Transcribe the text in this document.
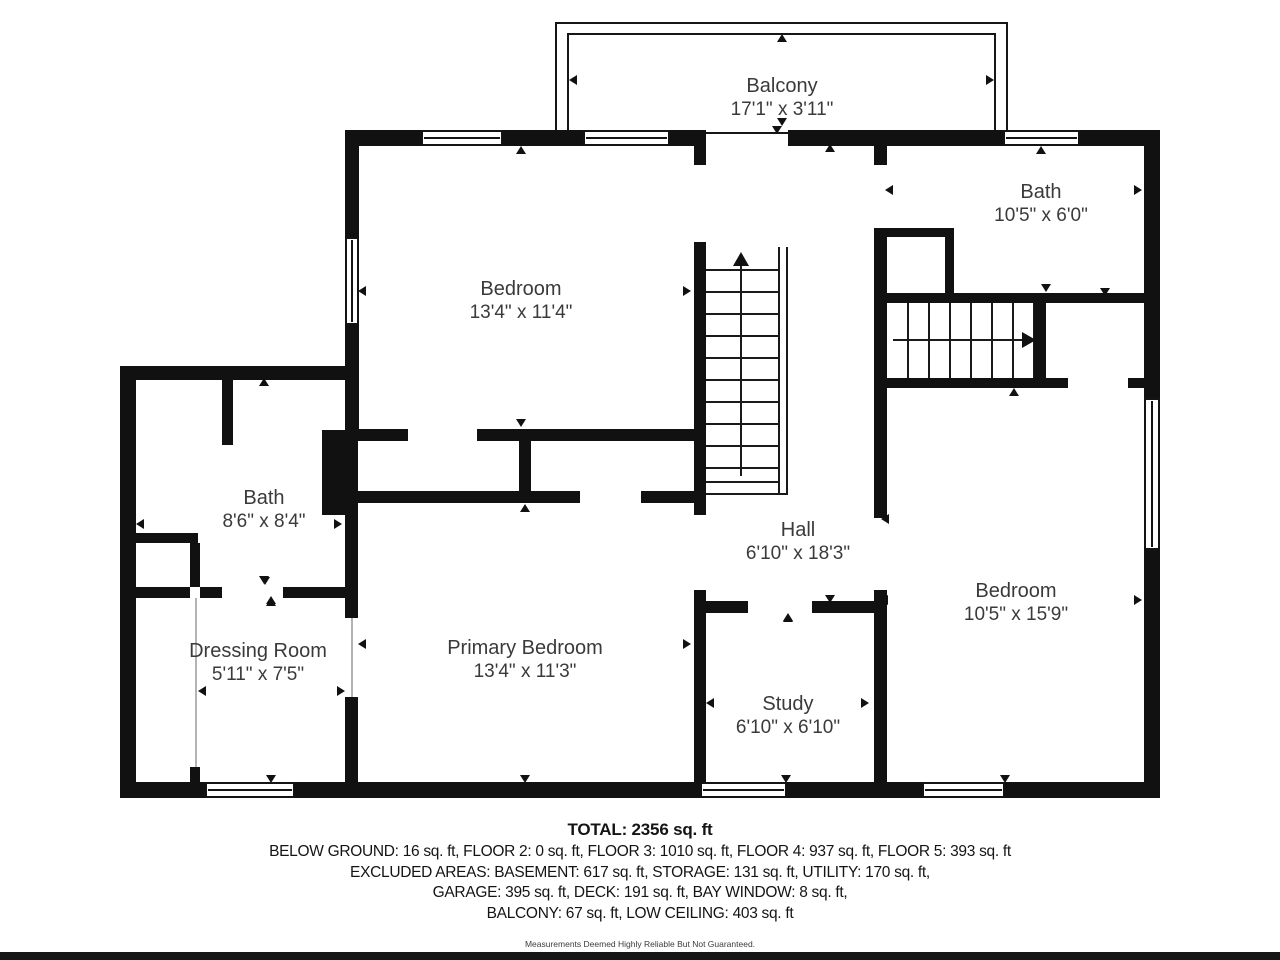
Balcony
17'1" x 3'11"
Bedroom
13'4" x 11'4"
Bath
10'5" x 6'0"
Bath
8'6" x 8'4"	Hall
6'10" x 18'3"
Dressing Room
5'11" x 7'5"
Primary Bedroom
13'4" x 11'3"
Study
6'10" x 6'10"
Bedroom
10'5" x 15'9"
TOTAL: 2356 sq. ft
BELOW GROUND: 16 sq. ft, FLOOR 2: 0 sq. ft, FLOOR 3: 1010 sq. ft, FLOOR 4: 937 sq. ft, FLOOR 5: 393 sq. ft
EXCLUDED AREAS: BASEMENT: 617 sq. ft, STORAGE: 131 sq. ft, UTILITY: 170 sq. ft,
GARAGE: 395 sq. ft, DECK: 191 sq. ft, BAY WINDOW: 8 sq. ft,
BALCONY: 67 sq. ft, LOW CEILING: 403 sq. ft
Measurements Deemed Highly Reliable But Not Guaranteed.
